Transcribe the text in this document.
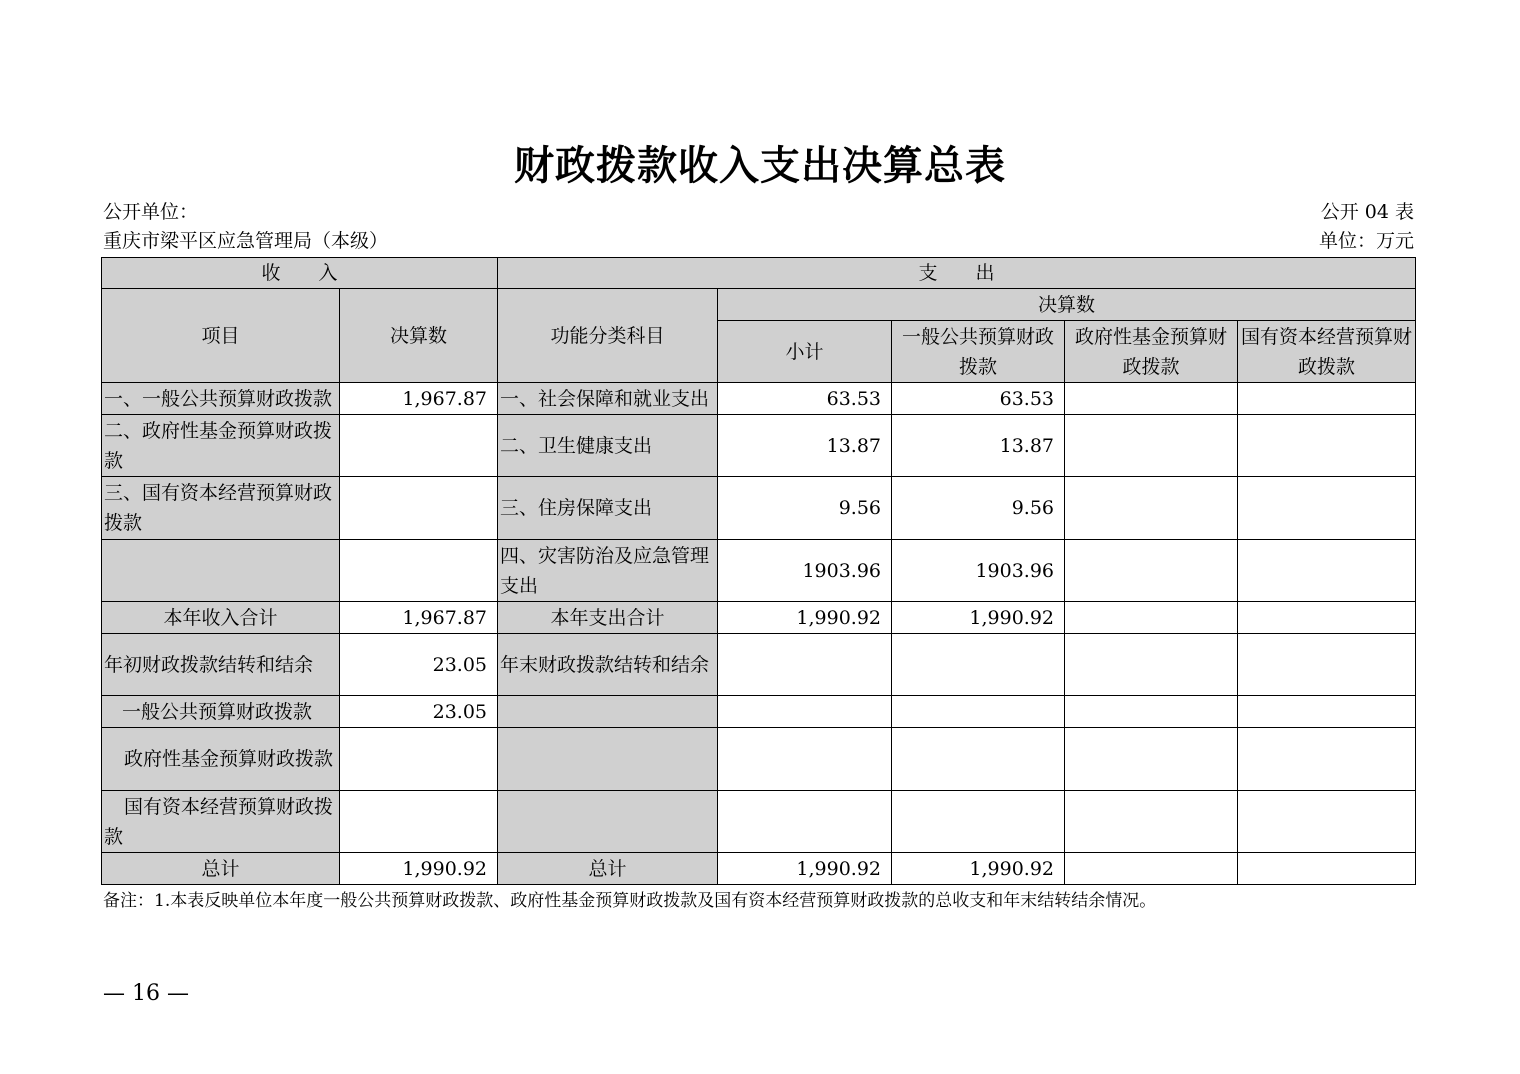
财政拨款收入支出决算总表
公开单位：重庆市梁平区应急管理局（本级）
公开 04 表
单位：万元
收　　入		支　　出				
项目	决算数	功能分类科目	决算数			
			小计	一般公共预算财政拨款	政府性基金预算财政拨款	国有资本经营预算财政拨款
一、一般公共预算财政拨款	1,967.87	一、社会保障和就业支出	63.53	63.53		
二、政府性基金预算财政拨款		二、卫生健康支出	13.87	13.87		
三、国有资本经营预算财政拨款		三、住房保障支出	9.56	9.56		
		四、灾害防治及应急管理支出	1903.96	1903.96		
本年收入合计	1,967.87	本年支出合计	1,990.92	1,990.92		
年初财政拨款结转和结余	23.05	年末财政拨款结转和结余				
一般公共预算财政拨款	23.05					
政府性基金预算财政拨款						
国有资本经营预算财政拨款						
总计	1,990.92	总计	1,990.92	1,990.92		
备注：1.本表反映单位本年度一般公共预算财政拨款、政府性基金预算财政拨款及国有资本经营预算财政拨款的总收支和年末结转结余情况。
— 16 —
